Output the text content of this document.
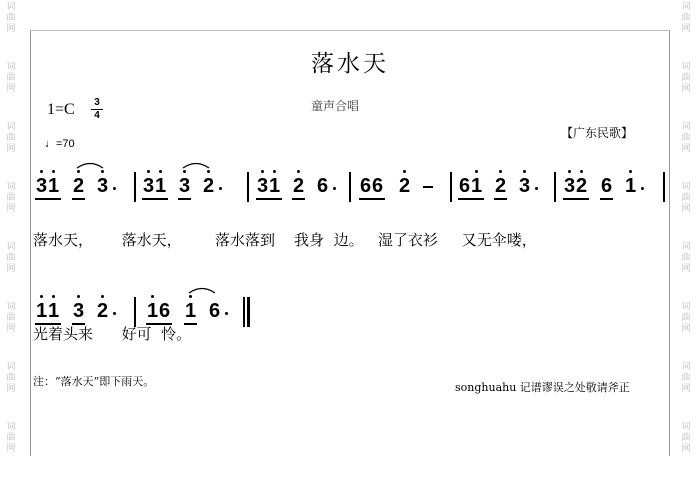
词
曲
网
词
曲
网
词
曲
网
词
曲
网
词
曲
网
词
曲
网
词
曲
网
词
曲
网
词
曲
网
词
曲
网
词
曲
网
词
曲
网
词
曲
网
词
曲
网
词
曲
网
词
曲
网
落水天
1=C	3
4
♩=70
童声合唱
【广东民歌】
3 1 2 3 3 1 3 2 3 1 2 6 6 6 2 6 1 2 3 3 2 6 1
1 1 3 2 1 6 1 6
落水天，      落水天，       落水落到    我身  边。   湿了衣衫     又无伞喽，
光着头来      好可  怜。
注：“落水天”即下雨天。	songhuahu 记谱谬误之处敬请斧正
